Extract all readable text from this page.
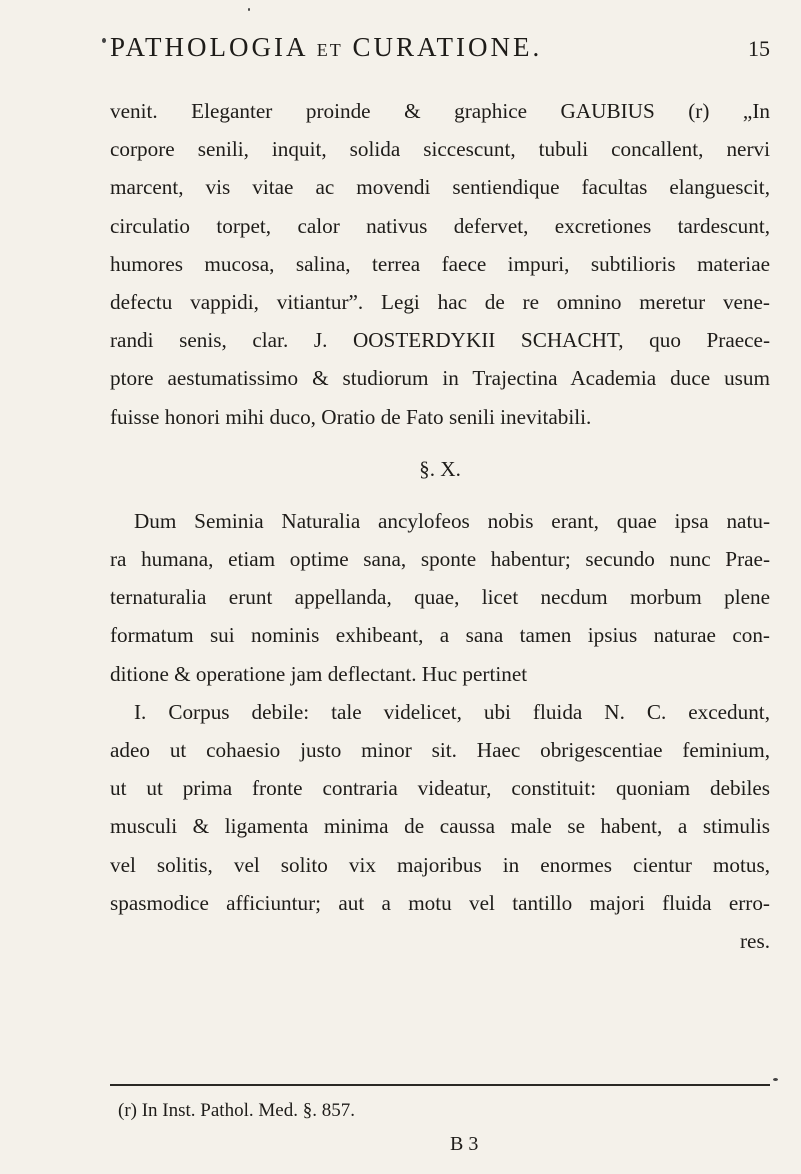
PATHOLOGIA ET CURATIONE.	15
venit. Eleganter proinde & graphice GAUBIUS (r) „In
corpore senili, inquit, solida siccescunt, tubuli concallent, nervi
marcent, vis vitae ac movendi sentiendique facultas elanguescit,
circulatio torpet, calor nativus defervet, excretiones tardescunt,
humores mucosa, salina, terrea faece impuri, subtilioris materiae
defectu vappidi, vitiantur”. Legi hac de re omnino meretur vene-
randi senis, clar. J. OOSTERDYKII SCHACHT, quo Praece-
ptore aestumatissimo & studiorum in Trajectina Academia duce usum
fuisse honori mihi duco, Oratio de Fato senili inevitabili.
§. X.
Dum Seminia Naturalia ancylofeos nobis erant, quae ipsa natu-
ra humana, etiam optime sana, sponte habentur; secundo nunc Prae-
ternaturalia erunt appellanda, quae, licet necdum morbum plene
formatum sui nominis exhibeant, a sana tamen ipsius naturae con-
ditione & operatione jam deflectant. Huc pertinet
I. Corpus debile: tale videlicet, ubi fluida N. C. excedunt,
adeo ut cohaesio justo minor sit. Haec obrigescentiae feminium,
ut ut prima fronte contraria videatur, constituit: quoniam debiles
musculi & ligamenta minima de caussa male se habent, a stimulis
vel solitis, vel solito vix majoribus in enormes cientur motus,
spasmodice afficiuntur; aut a motu vel tantillo majori fluida erro-
res.
(r) In Inst. Pathol. Med. §. 857.
B 3
